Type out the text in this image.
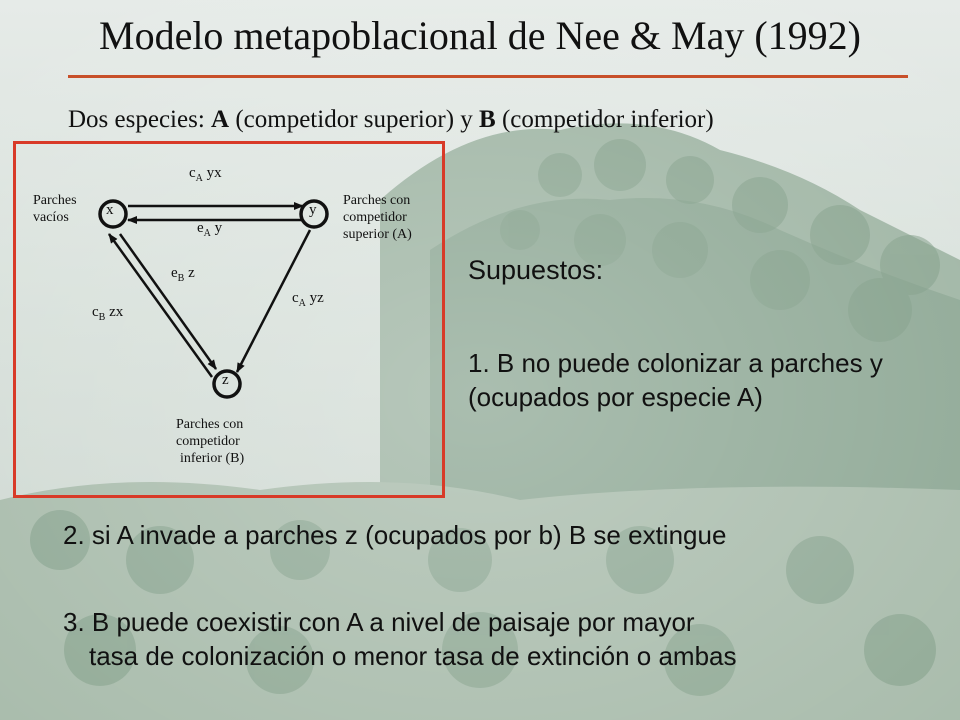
Modelo metapoblacional de Nee & May (1992)
Dos especies: A (competidor superior) y B (competidor inferior)
x	y
z
Parches
vacíos
Parches con
competidor
superior (A)
Parches con
competidor
inferior (B)
$c_A$ yx
$e_A$ y
$e_B$ z
$c_B$ zx
$c_A$ yz
Supuestos:
1. B no puede colonizar a parches y (ocupados por especie A)
2. si A invade a parches z (ocupados por b) B se extingue
3. B puede coexistir con A a nivel de paisaje por mayor
tasa de colonización o menor tasa de extinción o ambas
